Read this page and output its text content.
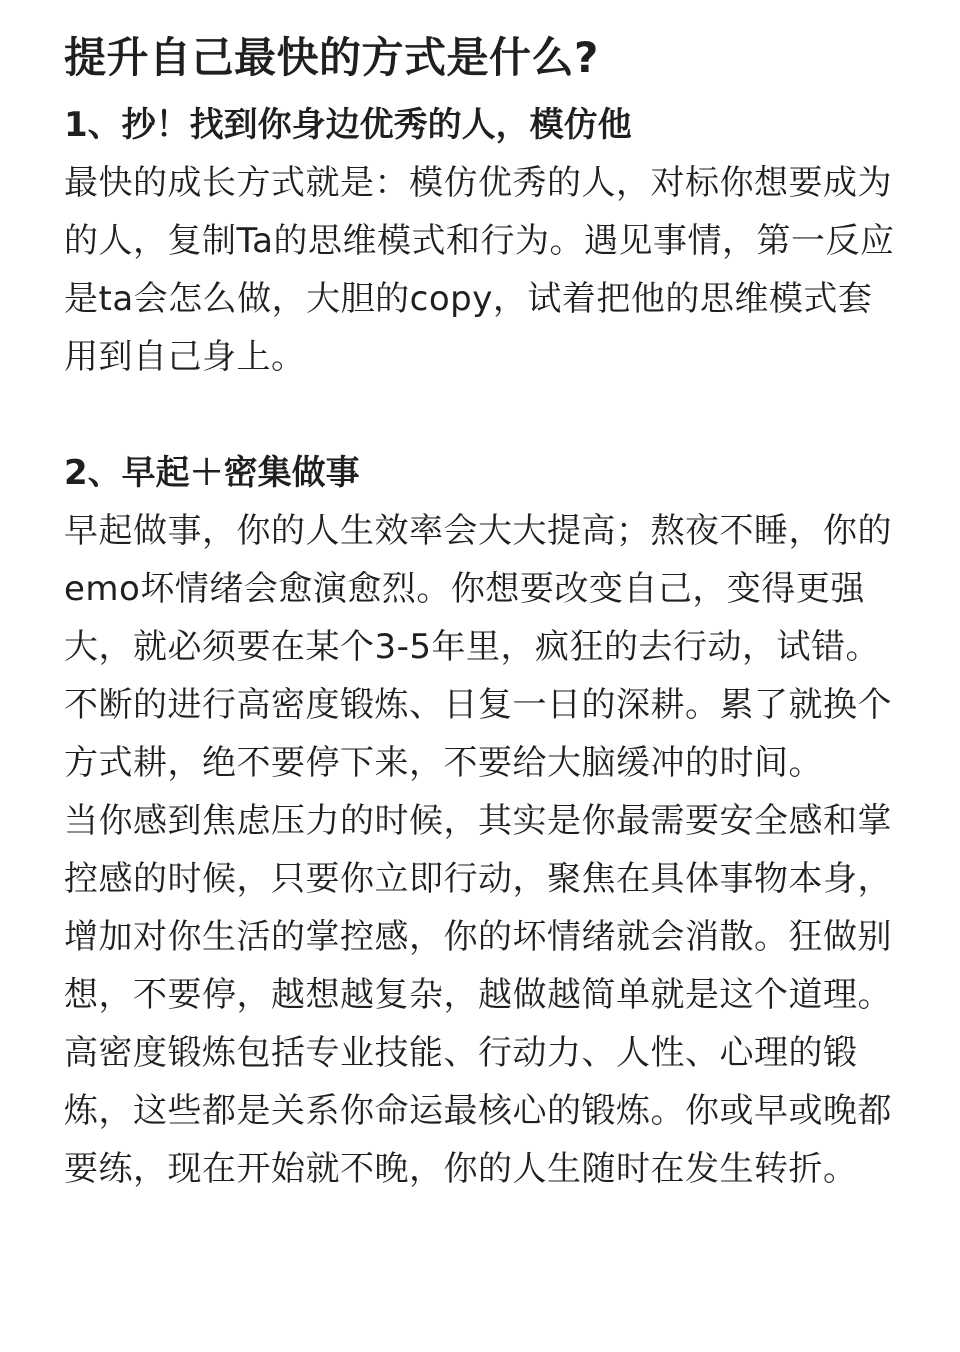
提升自己最快的方式是什么?
1、抄！找到你身边优秀的人，模仿他

最快的成长方式就是：模仿优秀的人，对标你想要成为的人，复制Ta的思维模式和行为。遇见事情，第一反应是ta会怎么做，大胆的copy，试着把他的思维模式套用到自己身上。

2、早起＋密集做事

早起做事，你的人生效率会大大提高；熬夜不睡，你的emo坏情绪会愈演愈烈。你想要改变自己，变得更强大，就必须要在某个3-5年里，疯狂的去行动，试错。不断的进行高密度锻炼、日复一日的深耕。累了就换个方式耕，绝不要停下来，不要给大脑缓冲的时间。

当你感到焦虑压力的时候，其实是你最需要安全感和掌控感的时候，只要你立即行动，聚焦在具体事物本身，增加对你生活的掌控感，你的坏情绪就会消散。狂做别想，不要停，越想越复杂，越做越简单就是这个道理。高密度锻炼包括专业技能、行动力、人性、心理的锻炼，这些都是关系你命运最核心的锻炼。你或早或晚都要练，现在开始就不晚，你的人生随时在发生转折。
